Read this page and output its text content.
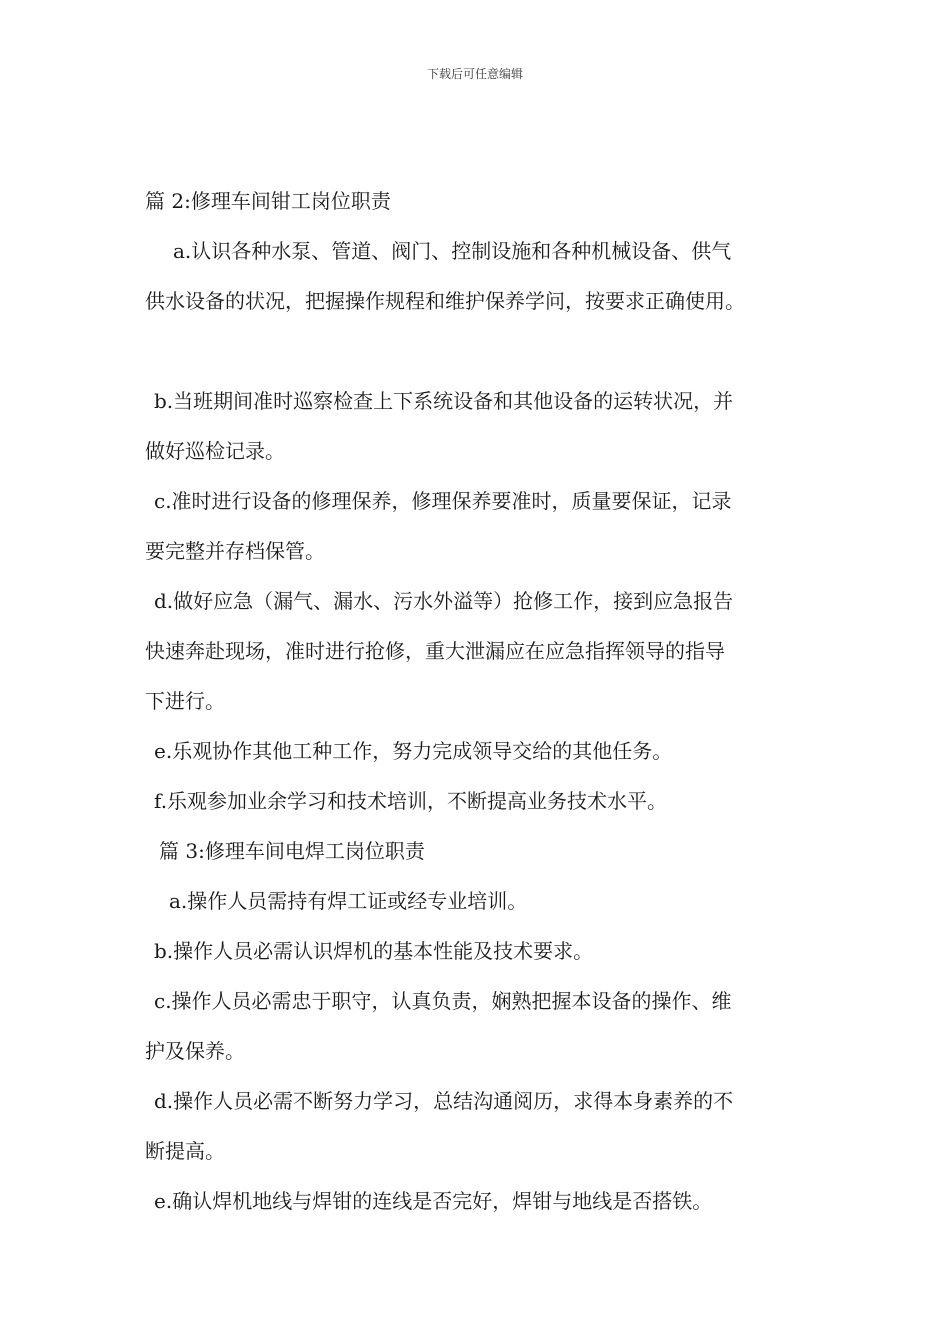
下载后可任意编辑
篇 2:修理车间钳工岗位职责
a.认识各种水泵、管道、阀门、控制设施和各种机械设备、供气
供水设备的状况，把握操作规程和维护保养学问，按要求正确使用。
b.当班期间准时巡察检查上下系统设备和其他设备的运转状况，并
做好巡检记录。
c.准时进行设备的修理保养，修理保养要准时，质量要保证，记录
要完整并存档保管。
d.做好应急（漏气、漏水、污水外溢等）抢修工作，接到应急报告
快速奔赴现场，准时进行抢修，重大泄漏应在应急指挥领导的指导
下进行。
e.乐观协作其他工种工作，努力完成领导交给的其他任务。
f.乐观参加业余学习和技术培训，不断提高业务技术水平。
篇 3:修理车间电焊工岗位职责
a.操作人员需持有焊工证或经专业培训。
b.操作人员必需认识焊机的基本性能及技术要求。
c.操作人员必需忠于职守，认真负责，娴熟把握本设备的操作、维
护及保养。
d.操作人员必需不断努力学习，总结沟通阅历，求得本身素养的不
断提高。
e.确认焊机地线与焊钳的连线是否完好，焊钳与地线是否搭铁。
